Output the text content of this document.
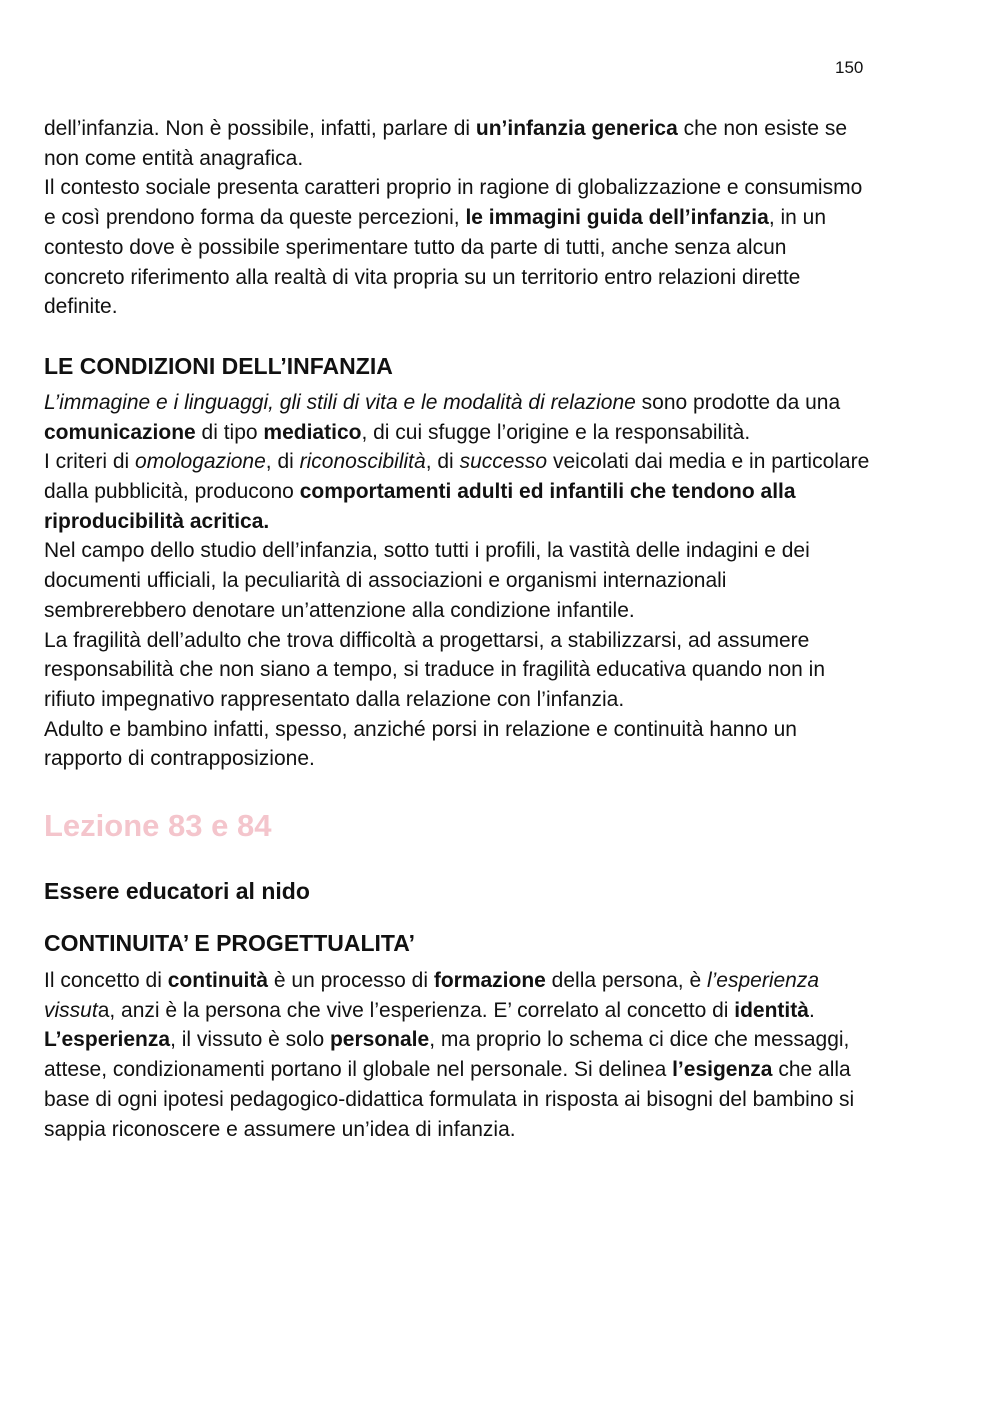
150

dell’infanzia. Non è possibile, infatti, parlare di un’infanzia generica che non esiste se non come entità anagrafica.

Il contesto sociale presenta caratteri proprio in ragione di globalizzazione e consumismo e così prendono forma da queste percezioni, le immagini guida dell’infanzia, in un contesto dove è possibile sperimentare tutto da parte di tutti, anche senza alcun concreto riferimento alla realtà di vita propria su un territorio entro relazioni dirette definite.

LE CONDIZIONI DELL’INFANZIA

L’immagine e i linguaggi, gli stili di vita e le modalità di relazione sono prodotte da una comunicazione di tipo mediatico, di cui sfugge l’origine e la responsabilità.

I criteri di omologazione, di riconoscibilità, di successo veicolati dai media e in particolare dalla pubblicità, producono comportamenti adulti ed infantili che tendono alla riproducibilità acritica.

Nel campo dello studio dell’infanzia, sotto tutti i profili, la vastità delle indagini e dei documenti ufficiali, la peculiarità di associazioni e organismi internazionali sembrerebbero denotare un’attenzione alla condizione infantile.

La fragilità dell’adulto che trova difficoltà a progettarsi, a stabilizzarsi, ad assumere responsabilità che non siano a tempo, si traduce in fragilità educativa quando non in rifiuto impegnativo rappresentato dalla relazione con l’infanzia.

Adulto e bambino infatti, spesso, anziché porsi in relazione e continuità hanno un rapporto di contrapposizione.

Lezione 83 e 84
Essere educatori al nido
CONTINUITA’ E PROGETTUALITA’

Il concetto di continuità è un processo di formazione della persona, è l’esperienza vissuta, anzi è la persona che vive l’esperienza. E’ correlato al concetto di identità.

L’esperienza, il vissuto è solo personale, ma proprio lo schema ci dice che messaggi, attese, condizionamenti portano il globale nel personale. Si delinea l’esigenza che alla base di ogni ipotesi pedagogico-didattica formulata in risposta ai bisogni del bambino si sappia riconoscere e assumere un’idea di infanzia.
